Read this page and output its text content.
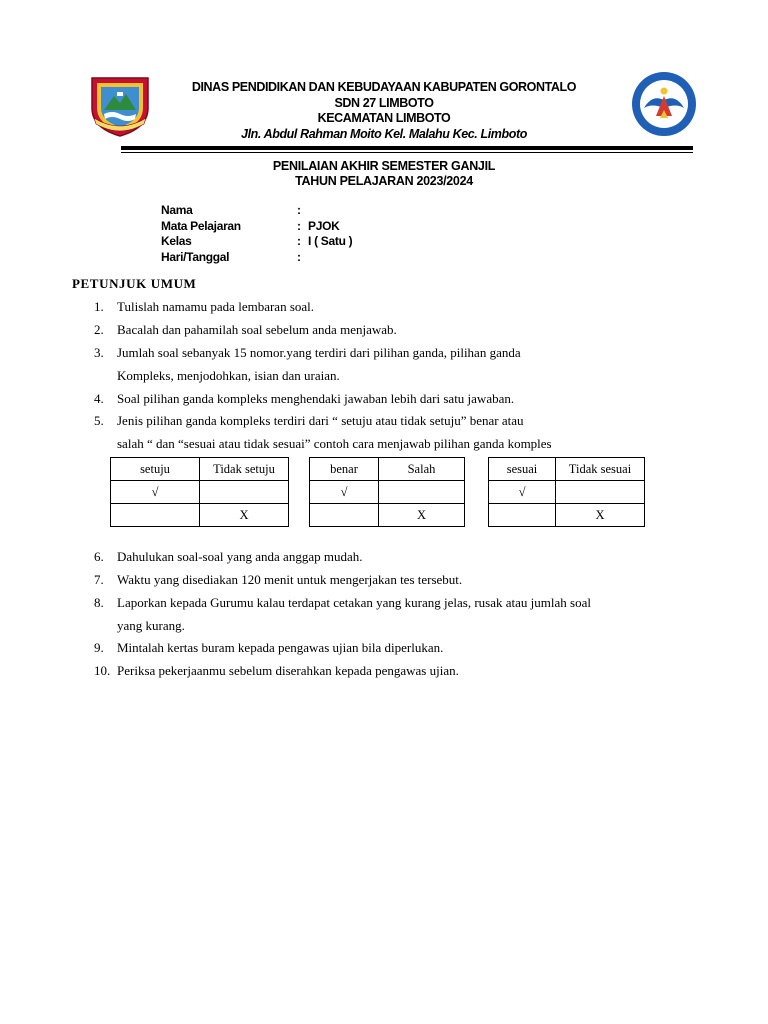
DINAS PENDIDIKAN DAN KEBUDAYAAN KABUPATEN GORONTALO
SDN 27 LIMBOTO
KECAMATAN LIMBOTO
Jln. Abdul Rahman Moito Kel. Malahu Kec. Limboto
PENILAIAN AKHIR SEMESTER GANJIL
TAHUN PELAJARAN 2023/2024
Nama	:
Mata Pelajaran	: PJOK
Kelas	: I ( Satu )
Hari/Tanggal	:
PETUNJUK UMUM
1. Tulislah namamu pada lembaran soal.
2. Bacalah dan pahamilah soal sebelum anda menjawab.
3. Jumlah soal sebanyak 15 nomor.yang terdiri dari pilihan ganda, pilihan ganda
Kompleks, menjodohkan, isian dan uraian.
4. Soal pilihan ganda kompleks menghendaki jawaban lebih dari satu jawaban.
5. Jenis pilihan ganda kompleks terdiri dari “ setuju atau tidak setuju” benar atau
salah “ dan “sesuai atau tidak sesuai” contoh cara menjawab pilihan ganda komples
setuju	Tidak setuju
√	
	X
benar	Salah
√	
	X
sesuai	Tidak sesuai
√	
	X
6. Dahulukan soal-soal yang anda anggap mudah.
7. Waktu yang disediakan 120 menit untuk mengerjakan tes tersebut.
8. Laporkan kepada Gurumu kalau terdapat cetakan yang kurang jelas, rusak atau jumlah soal
yang kurang.
9. Mintalah kertas buram kepada pengawas ujian bila diperlukan.
10. Periksa pekerjaanmu sebelum diserahkan kepada pengawas ujian.
